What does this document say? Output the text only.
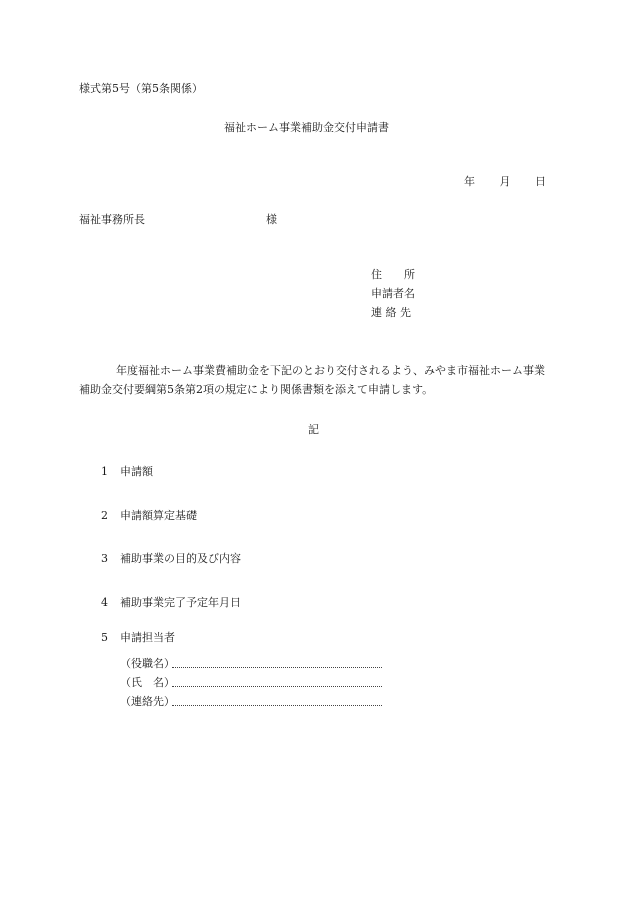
様式第5号（第5条関係）
福祉ホーム事業補助金交付申請書
年 月 日
福祉事務所長	様
住　　所
申請者名
連 絡 先
年度福祉ホーム事業費補助金を下記のとおり交付されるよう、みやま市福祉ホーム事業補助金交付要綱第5条第2項の規定により関係書類を添えて申請します。
記
1 申請額
2 申請額算定基礎
3 補助事業の目的及び内容
4 補助事業完了予定年月日
5 申請担当者
（役職名）
（氏　名）
（連絡先）
